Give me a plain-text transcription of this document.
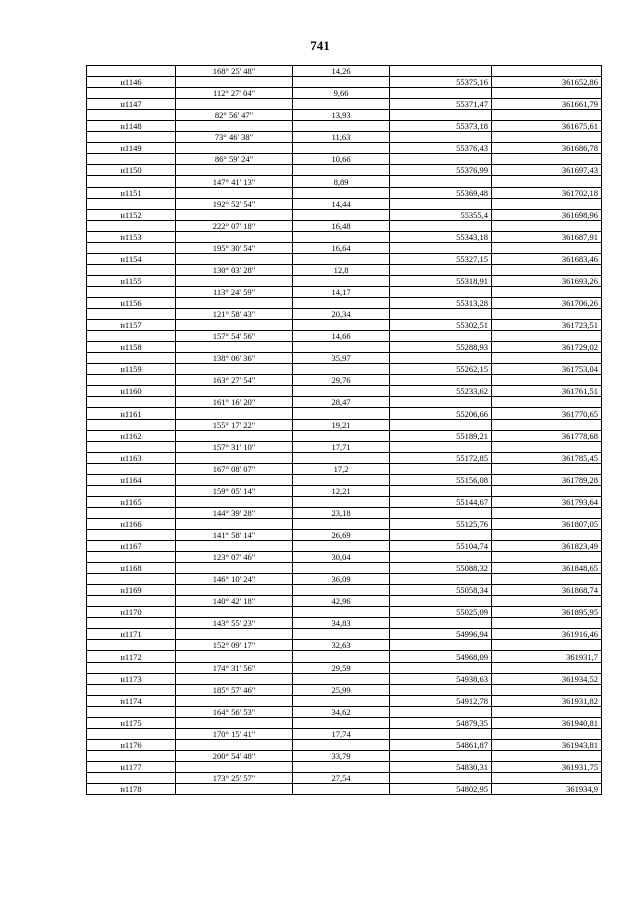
741
	168° 25' 48"	14,26		
н1146			55375,16	361652,86
	112° 27' 04"	9,66		
н1147			55371,47	361661,79
	82° 56' 47"	13,93		
н1148			55373,18	361675,61
	73° 46' 38"	11,63		
н1149			55376,43	361686,78
	86° 59' 24"	10,66		
н1150			55376,99	361697,43
	147° 41' 13"	8,89		
н1151			55369,48	361702,18
	192° 52' 54"	14,44		
н1152			55355,4	361698,96
	222° 07' 18"	16,48		
н1153			55343,18	361687,91
	195° 30' 54"	16,64		
н1154			55327,15	361683,46
	130° 03' 28"	12,8		
н1155			55318,91	361693,26
	113° 24' 59"	14,17		
н1156			55313,28	361706,26
	121° 58' 43"	20,34		
н1157			55302,51	361723,51
	157° 54' 56"	14,66		
н1158			55288,93	361729,02
	138° 06' 36"	35,97		
н1159			55262,15	361753,04
	163° 27' 54"	29,76		
н1160			55233,62	361761,51
	161° 16' 20"	28,47		
н1161			55206,66	361770,65
	155° 17' 22"	19,21		
н1162			55189,21	361778,68
	157° 31' 10"	17,71		
н1163			55172,85	361785,45
	167° 08' 07"	17,2		
н1164			55156,08	361789,28
	159° 05' 14"	12,21		
н1165			55144,67	361793,64
	144° 39' 28"	23,18		
н1166			55125,76	361807,05
	141° 58' 14"	26,69		
н1167			55104,74	361823,49
	123° 07' 46"	30,04		
н1168			55088,32	361848,65
	146° 10' 24"	36,09		
н1169			55058,34	361868,74
	140° 42' 18"	42,96		
н1170			55025,09	361895,95
	143° 55' 23"	34,83		
н1171			54996,94	361916,46
	152° 09' 17"	32,63		
н1172			54968,09	361931,7
	174° 31' 56"	29,59		
н1173			54938,63	361934,52
	185° 57' 46"	25,99		
н1174			54912,78	361931,82
	164° 56' 53"	34,62		
н1175			54879,35	361940,81
	170° 15' 41"	17,74		
н1176			54861,87	361943,81
	200° 54' 48"	33,79		
н1177			54830,31	361931,75
	173° 25' 57"	27,54		
н1178			54802,95	361934,9
